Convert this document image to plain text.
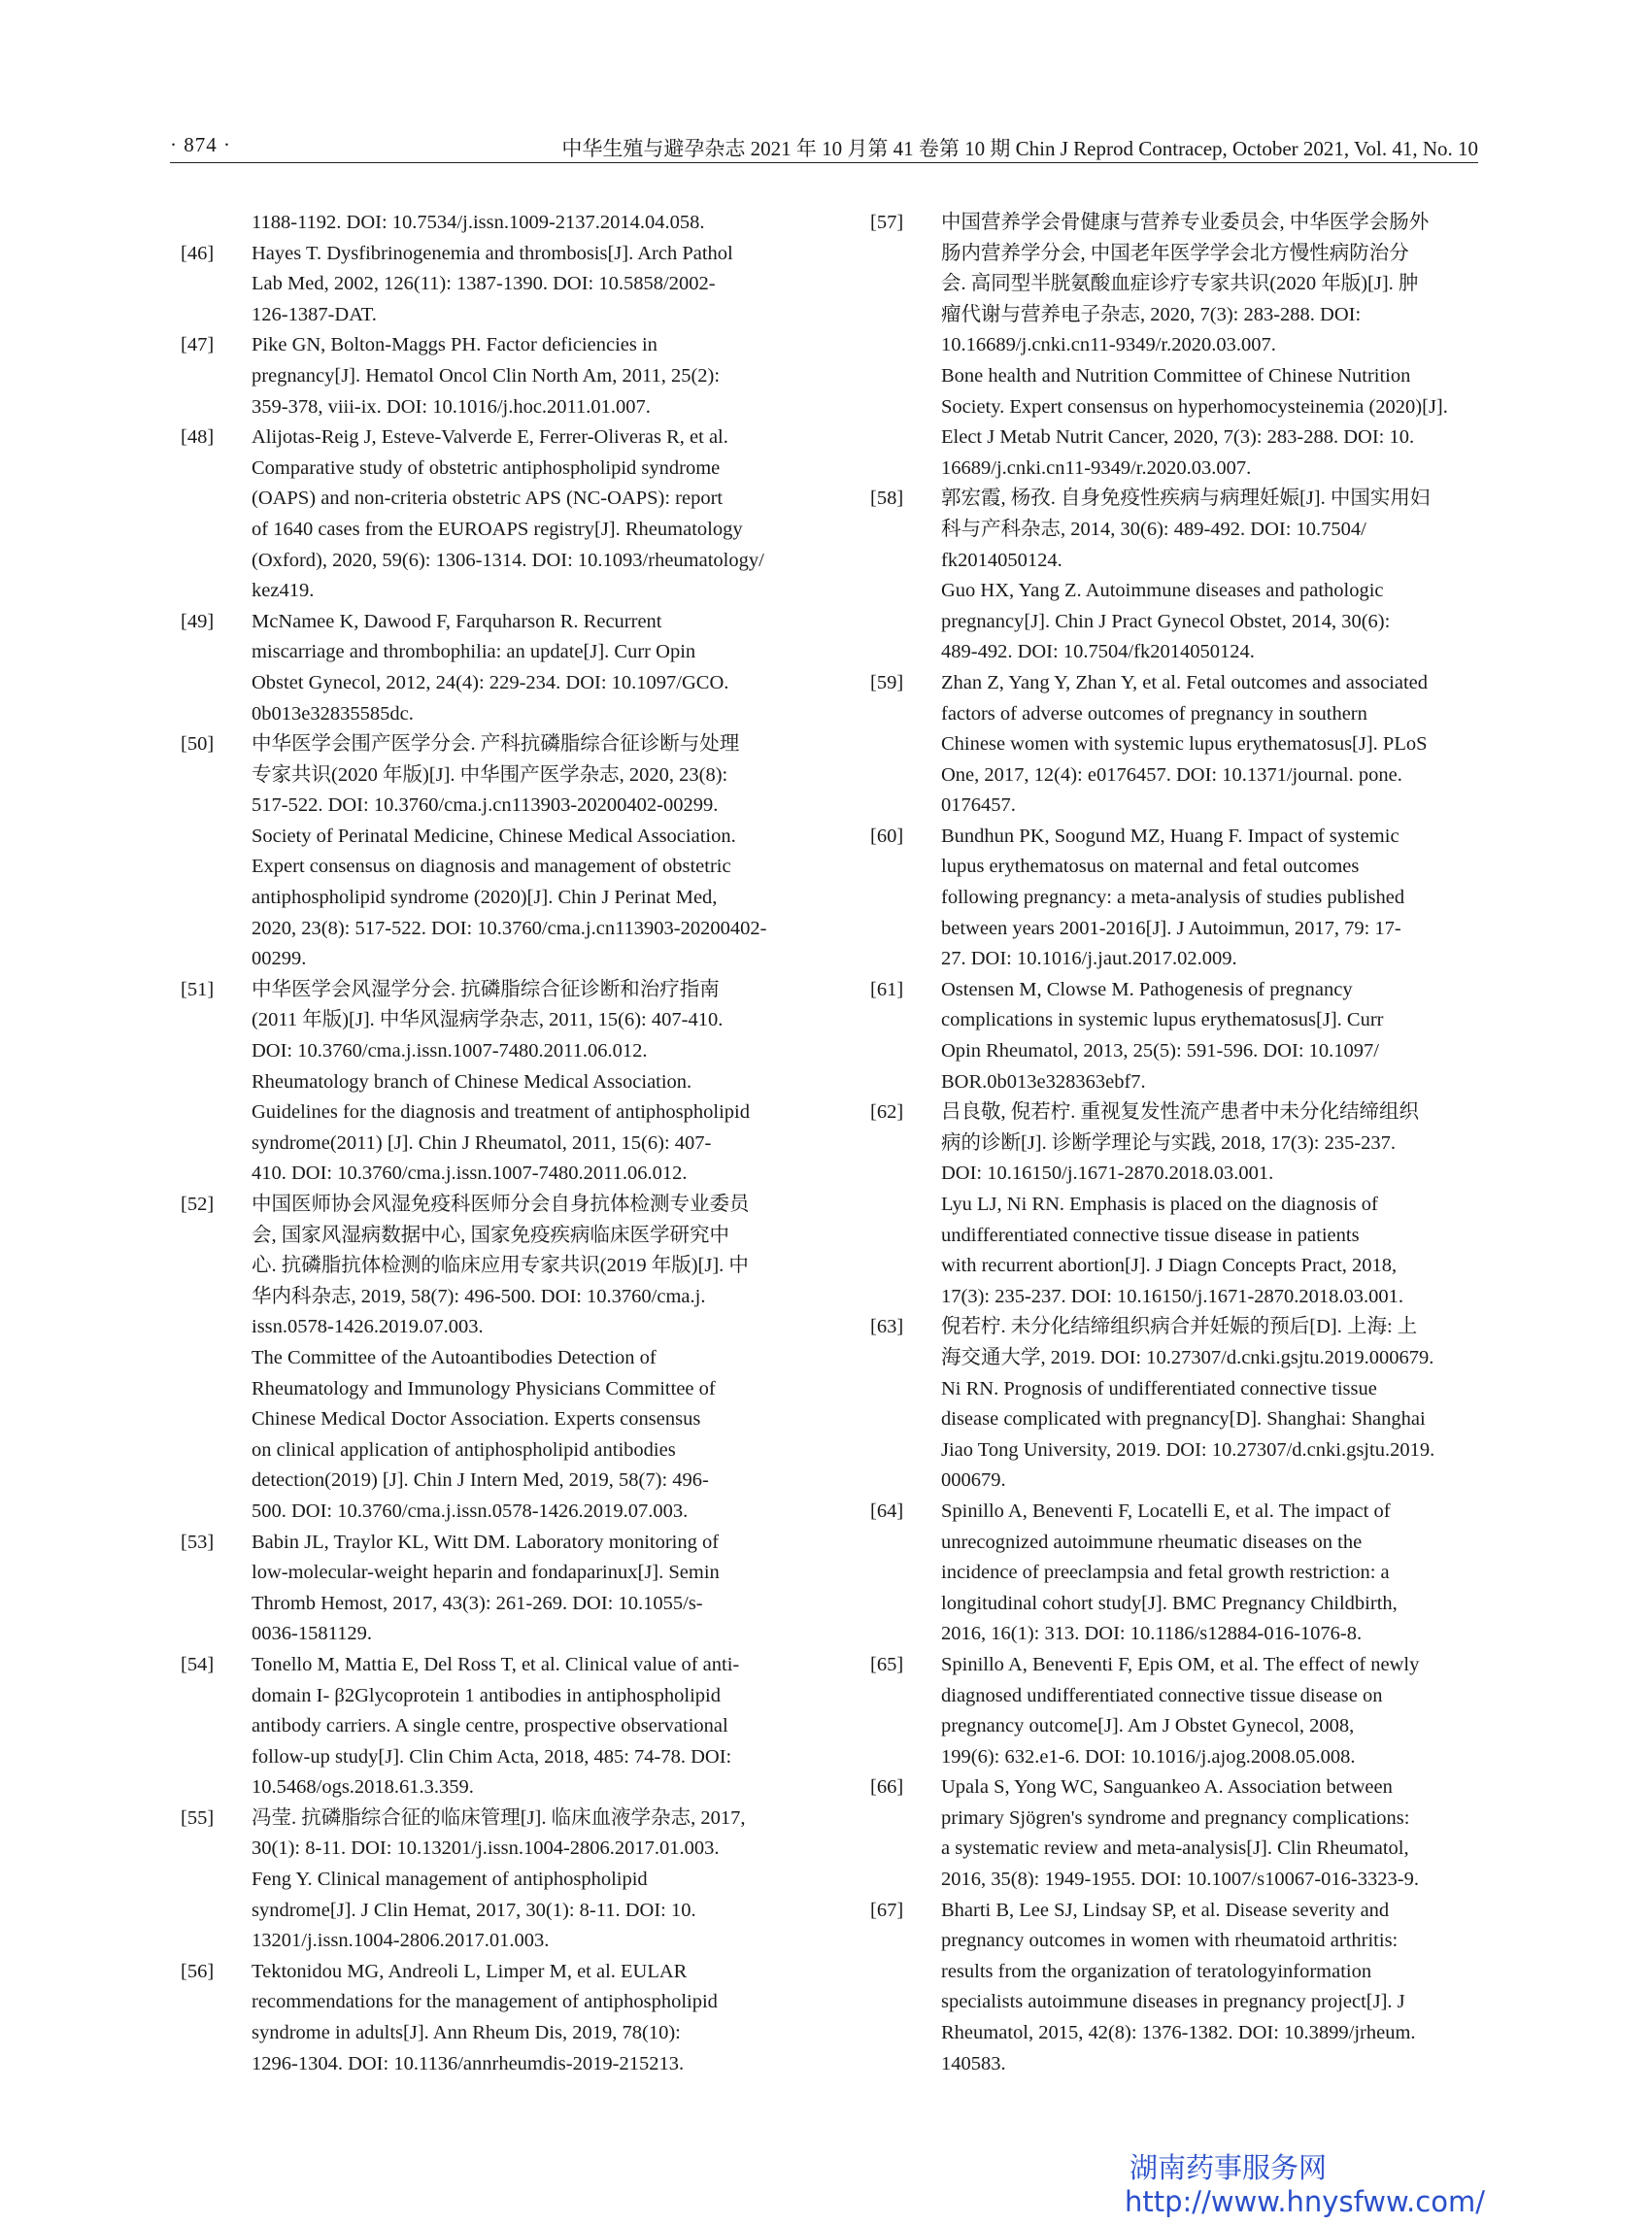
· 874 ·	中华生殖与避孕杂志 2021 年 10 月第 41 卷第 10 期 Chin J Reprod Contracep, October 2021, Vol. 41, No. 10
1188-1192. DOI: 10.7534/j.issn.1009-2137.2014.04.058.
[46]	Hayes T. Dysfibrinogenemia and thrombosis[J]. Arch Pathol
Lab Med, 2002, 126(11): 1387-1390. DOI: 10.5858/2002-
126-1387-DAT.
[47]	Pike GN, Bolton-Maggs PH. Factor deficiencies in
pregnancy[J]. Hematol Oncol Clin North Am, 2011, 25(2):
359-378, viii-ix. DOI: 10.1016/j.hoc.2011.01.007.
[48]	Alijotas-Reig J, Esteve-Valverde E, Ferrer-Oliveras R, et al.
Comparative study of obstetric antiphospholipid syndrome
(OAPS) and non-criteria obstetric APS (NC-OAPS): report
of 1640 cases from the EUROAPS registry[J]. Rheumatology
(Oxford), 2020, 59(6): 1306-1314. DOI: 10.1093/rheumatology/
kez419.
[49]	McNamee K, Dawood F, Farquharson R. Recurrent
miscarriage and thrombophilia: an update[J]. Curr Opin
Obstet Gynecol, 2012, 24(4): 229-234. DOI: 10.1097/GCO.
0b013e32835585dc.
[50]	中华医学会围产医学分会. 产科抗磷脂综合征诊断与处理
专家共识(2020 年版)[J]. 中华围产医学杂志, 2020, 23(8):
517-522. DOI: 10.3760/cma.j.cn113903-20200402-00299.
Society of Perinatal Medicine, Chinese Medical Association.
Expert consensus on diagnosis and management of obstetric
antiphospholipid syndrome (2020)[J]. Chin J Perinat Med,
2020, 23(8): 517-522. DOI: 10.3760/cma.j.cn113903-20200402-
00299.
[51]	中华医学会风湿学分会. 抗磷脂综合征诊断和治疗指南
(2011 年版)[J]. 中华风湿病学杂志, 2011, 15(6): 407-410.
DOI: 10.3760/cma.j.issn.1007-7480.2011.06.012.
Rheumatology branch of Chinese Medical Association.
Guidelines for the diagnosis and treatment of antiphospholipid
syndrome(2011) [J]. Chin J Rheumatol, 2011, 15(6): 407-
410. DOI: 10.3760/cma.j.issn.1007-7480.2011.06.012.
[52]	中国医师协会风湿免疫科医师分会自身抗体检测专业委员
会, 国家风湿病数据中心, 国家免疫疾病临床医学研究中
心. 抗磷脂抗体检测的临床应用专家共识(2019 年版)[J]. 中
华内科杂志, 2019, 58(7): 496-500. DOI: 10.3760/cma.j.
issn.0578-1426.2019.07.003.
The Committee of the Autoantibodies Detection of
Rheumatology and Immunology Physicians Committee of
Chinese Medical Doctor Association. Experts consensus
on clinical application of antiphospholipid antibodies
detection(2019) [J]. Chin J Intern Med, 2019, 58(7): 496-
500. DOI: 10.3760/cma.j.issn.0578-1426.2019.07.003.
[53]	Babin JL, Traylor KL, Witt DM. Laboratory monitoring of
low-molecular-weight heparin and fondaparinux[J]. Semin
Thromb Hemost, 2017, 43(3): 261-269. DOI: 10.1055/s-
0036-1581129.
[54]	Tonello M, Mattia E, Del Ross T, et al. Clinical value of anti-
domain I- β2Glycoprotein 1 antibodies in antiphospholipid
antibody carriers. A single centre, prospective observational
follow-up study[J]. Clin Chim Acta, 2018, 485: 74-78. DOI:
10.5468/ogs.2018.61.3.359.
[55]	冯莹. 抗磷脂综合征的临床管理[J]. 临床血液学杂志, 2017,
30(1): 8-11. DOI: 10.13201/j.issn.1004-2806.2017.01.003.
Feng Y. Clinical management of antiphospholipid
syndrome[J]. J Clin Hemat, 2017, 30(1): 8-11. DOI: 10.
13201/j.issn.1004-2806.2017.01.003.
[56]	Tektonidou MG, Andreoli L, Limper M, et al. EULAR
recommendations for the management of antiphospholipid
syndrome in adults[J]. Ann Rheum Dis, 2019, 78(10):
1296-1304. DOI: 10.1136/annrheumdis-2019-215213.
[57]	中国营养学会骨健康与营养专业委员会, 中华医学会肠外
肠内营养学分会, 中国老年医学学会北方慢性病防治分
会. 高同型半胱氨酸血症诊疗专家共识(2020 年版)[J]. 肿
瘤代谢与营养电子杂志, 2020, 7(3): 283-288. DOI:
10.16689/j.cnki.cn11-9349/r.2020.03.007.
Bone health and Nutrition Committee of Chinese Nutrition
Society. Expert consensus on hyperhomocysteinemia (2020)[J].
Elect J Metab Nutrit Cancer, 2020, 7(3): 283-288. DOI: 10.
16689/j.cnki.cn11-9349/r.2020.03.007.
[58]	郭宏霞, 杨孜. 自身免疫性疾病与病理妊娠[J]. 中国实用妇
科与产科杂志, 2014, 30(6): 489-492. DOI: 10.7504/
fk2014050124.
Guo HX, Yang Z. Autoimmune diseases and pathologic
pregnancy[J]. Chin J Pract Gynecol Obstet, 2014, 30(6):
489-492. DOI: 10.7504/fk2014050124.
[59]	Zhan Z, Yang Y, Zhan Y, et al. Fetal outcomes and associated
factors of adverse outcomes of pregnancy in southern
Chinese women with systemic lupus erythematosus[J]. PLoS
One, 2017, 12(4): e0176457. DOI: 10.1371/journal. pone.
0176457.
[60]	Bundhun PK, Soogund MZ, Huang F. Impact of systemic
lupus erythematosus on maternal and fetal outcomes
following pregnancy: a meta-analysis of studies published
between years 2001-2016[J]. J Autoimmun, 2017, 79: 17-
27. DOI: 10.1016/j.jaut.2017.02.009.
[61]	Ostensen M, Clowse M. Pathogenesis of pregnancy
complications in systemic lupus erythematosus[J]. Curr
Opin Rheumatol, 2013, 25(5): 591-596. DOI: 10.1097/
BOR.0b013e328363ebf7.
[62]	吕良敬, 倪若柠. 重视复发性流产患者中未分化结缔组织
病的诊断[J]. 诊断学理论与实践, 2018, 17(3): 235-237.
DOI: 10.16150/j.1671-2870.2018.03.001.
Lyu LJ, Ni RN. Emphasis is placed on the diagnosis of
undifferentiated connective tissue disease in patients
with recurrent abortion[J]. J Diagn Concepts Pract, 2018,
17(3): 235-237. DOI: 10.16150/j.1671-2870.2018.03.001.
[63]	倪若柠. 未分化结缔组织病合并妊娠的预后[D]. 上海: 上
海交通大学, 2019. DOI: 10.27307/d.cnki.gsjtu.2019.000679.
Ni RN. Prognosis of undifferentiated connective tissue
disease complicated with pregnancy[D]. Shanghai: Shanghai
Jiao Tong University, 2019. DOI: 10.27307/d.cnki.gsjtu.2019.
000679.
[64]	Spinillo A, Beneventi F, Locatelli E, et al. The impact of
unrecognized autoimmune rheumatic diseases on the
incidence of preeclampsia and fetal growth restriction: a
longitudinal cohort study[J]. BMC Pregnancy Childbirth,
2016, 16(1): 313. DOI: 10.1186/s12884-016-1076-8.
[65]	Spinillo A, Beneventi F, Epis OM, et al. The effect of newly
diagnosed undifferentiated connective tissue disease on
pregnancy outcome[J]. Am J Obstet Gynecol, 2008,
199(6): 632.e1-6. DOI: 10.1016/j.ajog.2008.05.008.
[66]	Upala S, Yong WC, Sanguankeo A. Association between
primary Sjögren's syndrome and pregnancy complications:
a systematic review and meta-analysis[J]. Clin Rheumatol,
2016, 35(8): 1949-1955. DOI: 10.1007/s10067-016-3323-9.
[67]	Bharti B, Lee SJ, Lindsay SP, et al. Disease severity and
pregnancy outcomes in women with rheumatoid arthritis:
results from the organization of teratologyinformation
specialists autoimmune diseases in pregnancy project[J]. J
Rheumatol, 2015, 42(8): 1376-1382. DOI: 10.3899/jrheum.
140583.
湖南药事服务网
http://www.hnysfww.com/
